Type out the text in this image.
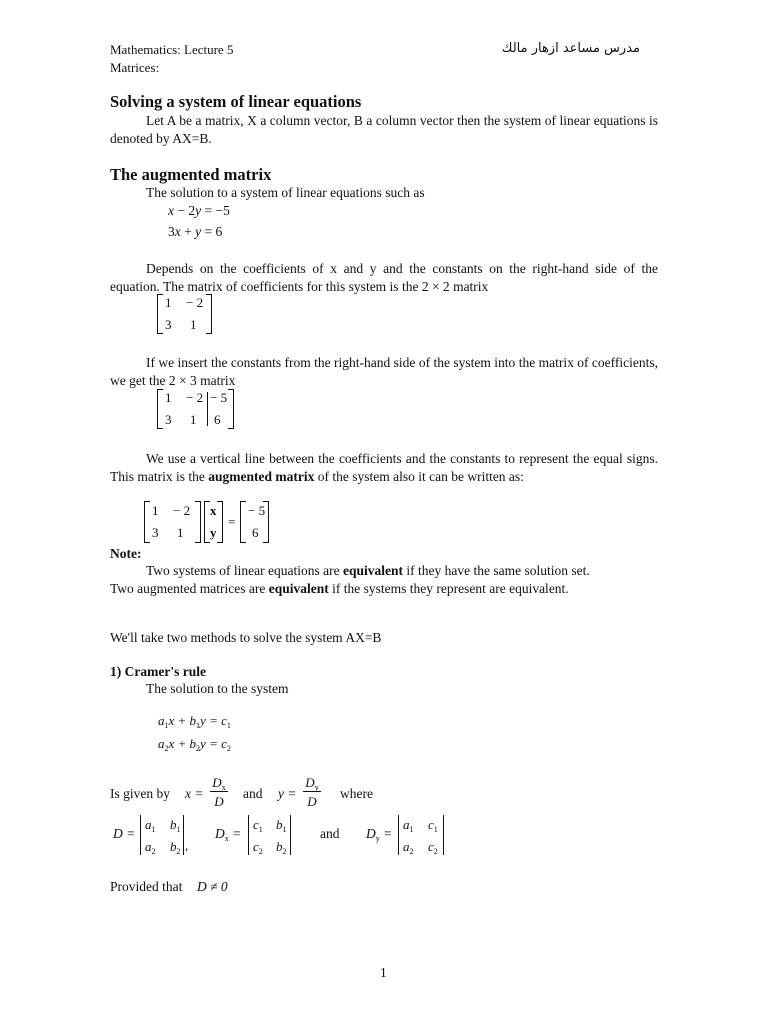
Mathematics: Lecture 5
Matrices:
مدرس مساعد ازهار مالك
Solving a system of linear equations
Let A be a matrix, X a column vector, B a column vector then the system of linear equations is denoted by AX=B.
The augmented matrix
The solution to a system of linear equations such as
x − 2y = −5
3x + y = 6
Depends on the coefficients of x and y and the constants on the right-hand side of the equation. The matrix of coefficients for this system is the 2 × 2 matrix
1 − 2
3 1
If we insert the constants from the right-hand side of the system into the matrix of coefficients, we get the 2 × 3 matrix
1 − 2 − 5
3 1 6
We use a vertical line between the coefficients and the constants to represent the equal signs. This matrix is the augmented matrix of the system also it can be written as:
1 − 2
3 1
x
y
=
− 5
6
Note:
Two systems of linear equations are equivalent if they have the same solution set.
Two augmented matrices are equivalent if the systems they represent are equivalent.
We'll take two methods to solve the system AX=B
1) Cramer's rule
The solution to the system
$a_1x + b_1y = c_1$
$a_2x + b_2y = c_2$
Is given by $x = \frac{D_x}{D}$ and $y = \frac{D_y}{D}$ where
D =
$a_1$ $b_1$
$a_2$ $b_2$ ,
$D_x$ =
$c_1$ $b_1$
$c_2$ $b_2$
and $D_y$ =
$a_1$ $c_1$
$a_2$ $c_2$
Provided that D ≠ 0
1
